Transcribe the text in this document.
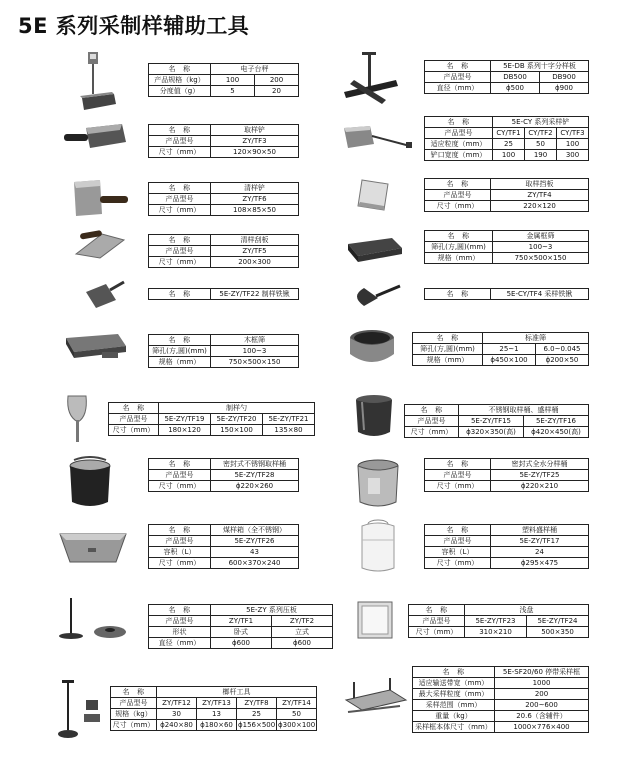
5E 系列采制样辅助工具
名　称	电子台秤	
产品规格（kg）	100	200
分度值（g）	5	20
名　称	5E-DB 系列十字分样板	
产品型号	DB500	DB900
直径（mm）	ϕ500	ϕ900
名　称	取样铲
产品型号	ZY/TF3
尺寸（mm）	120×90×50
名　称	5E-CY 系列采样铲		
产品型号	CY/TF1	CY/TF2	CY/TF3
适应粒度（mm）	25	50	100
铲口宽度（mm）	100	190	300
名　称	清样铲
产品型号	ZY/TF6
尺寸（mm）	108×85×50
名　称	取样挡板
产品型号	ZY/TF4
尺寸（mm）	220×120
名　称	清样刮板
产品型号	ZY/TF5
尺寸（mm）	200×300
名　称	金属框筛
筛孔(方,圆)(mm)	100~3
规格（mm）	750×500×150
名　称	5E-ZY/TF22 制样铁锹	名　称	5E-CY/TF4 采样铁锹
名　称	木框筛
筛孔(方,圆)(mm)	100~3
规格（mm）	750×500×150
名　称	标准筛	
筛孔(方,圆)(mm)	25~1	6.0~0.045
规格（mm）	ϕ450×100	ϕ200×50
名　称	制样勺		
产品型号	5E-ZY/TF19	5E-ZY/TF20	5E-ZY/TF21
尺寸（mm）	180×120	150×100	135×80
名　称	不锈钢取样桶、盛样桶	
产品型号	5E-ZY/TF15	5E-ZY/TF16
尺寸（mm）	ϕ320×350(高)	ϕ420×450(高)
名　称	密封式不锈钢取样桶
产品型号	5E-ZY/TF28
尺寸（mm）	ϕ220×260
名　称	密封式全水分样桶
产品型号	5E-ZY/TF25
尺寸（mm）	ϕ220×210
名　称	煤样箱（全不锈钢）
产品型号	5E-ZY/TF26
容积（L）	43
尺寸（mm）	600×370×240
名　称	塑料盛样桶
产品型号	5E-ZY/TF17
容积（L）	24
尺寸（mm）	ϕ295×475
名　称	5E-ZY 系列压板	
产品型号	ZY/TF1	ZY/TF2
形状	卧式	立式
直径（mm）	ϕ600	ϕ600
名　称	浅盘	
产品型号	5E-ZY/TF23	5E-ZY/TF24
尺寸（mm）	310×210	500×350
名　称	榔杆工具			
产品型号	ZY/TF12	ZY/TF13	ZY/TF8	ZY/TF14
规格（kg）	30	13	25	50
尺寸（mm）	ϕ240×80	ϕ180×60	ϕ156×500	ϕ300×100
名　称	5E-SF20/60 停带采样框
适应输送带宽（mm）	1000
最大采样粒度（mm）	200
采样范围（mm）	200~600
重量（kg）	20.6（含辅件）
采样框本体尺寸（mm）	1000×776×400
